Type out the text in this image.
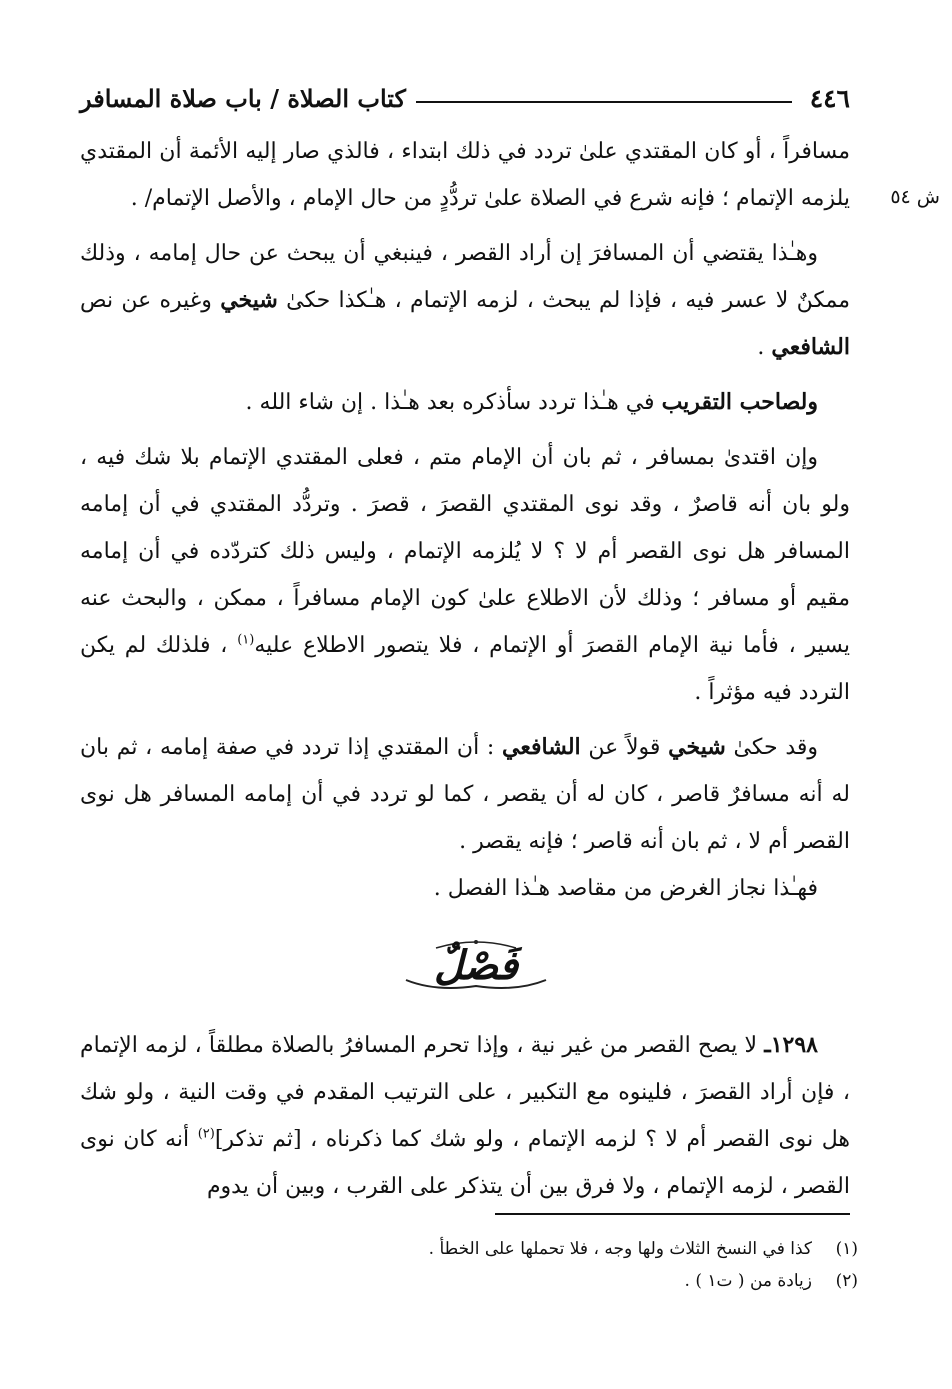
٤٤٦
كتاب الصلاة / باب صلاة المسافر
ش ٥٤

مسافراً ، أو كان المقتدي علىٰ تردد في ذلك ابتداء ، فالذي صار إليه الأئمة أن المقتدي يلزمه الإتمام ؛ فإنه شرع في الصلاة علىٰ تردُّدٍ من حال الإمام ، والأصل الإتمام/ .

وهـٰذا يقتضي أن المسافرَ إن أراد القصر ، فينبغي أن يبحث عن حال إمامه ، وذلك ممكنٌ لا عسر فيه ، فإذا لم يبحث ، لزمه الإتمام ، هـٰكذا حكىٰ شيخي وغيره عن نص الشافعي .

ولصاحب التقريب في هـٰذا تردد سأذكره بعد هـٰذا . إن شاء الله .

وإن اقتدىٰ بمسافر ، ثم بان أن الإمام متم ، فعلى المقتدي الإتمام بلا شك فيه ، ولو بان أنه قاصرٌ ، وقد نوى المقتدي القصرَ ، قصرَ . وتردُّد المقتدي في أن إمامه المسافر هل نوى القصر أم لا ؟ لا يُلزمه الإتمام ، وليس ذلك كتردّده في أن إمامه مقيم أو مسافر ؛ وذلك لأن الاطلاع علىٰ كون الإمام مسافراً ، ممكن ، والبحث عنه يسير ، فأما نية الإمام القصرَ أو الإتمام ، فلا يتصور الاطلاع عليه$^{(١)}$ ، فلذلك لم يكن التردد فيه مؤثراً .

وقد حكىٰ شيخي قولاً عن الشافعي : أن المقتدي إذا تردد في صفة إمامه ، ثم بان له أنه مسافرٌ قاصر ، كان له أن يقصر ، كما لو تردد في أن إمامه المسافر هل نوى القصر أم لا ، ثم بان أنه قاصر ؛ فإنه يقصر .

فهـٰذا نجاز الغرض من مقاصد هـٰذا الفصل .

فَصْلٌ

١٢٩٨ـ لا يصح القصر من غير نية ، وإذا تحرم المسافرُ بالصلاة مطلقاً ، لزمه الإتمام ، فإن أراد القصرَ ، فلينوه مع التكبير ، على الترتيب المقدم في وقت النية ، ولو شك هل نوى القصر أم لا ؟ لزمه الإتمام ، ولو شك كما ذكرناه ، [ثم تذكر]$^{(٢)}$ أنه كان نوى القصر ، لزمه الإتمام ، ولا فرق بين أن يتذكر على القرب ، وبين أن يدوم

(١)
كذا في النسخ الثلاث ولها وجه ، فلا تحملها على الخطأ .
(٢)
زيادة من ( ت١ ) .
